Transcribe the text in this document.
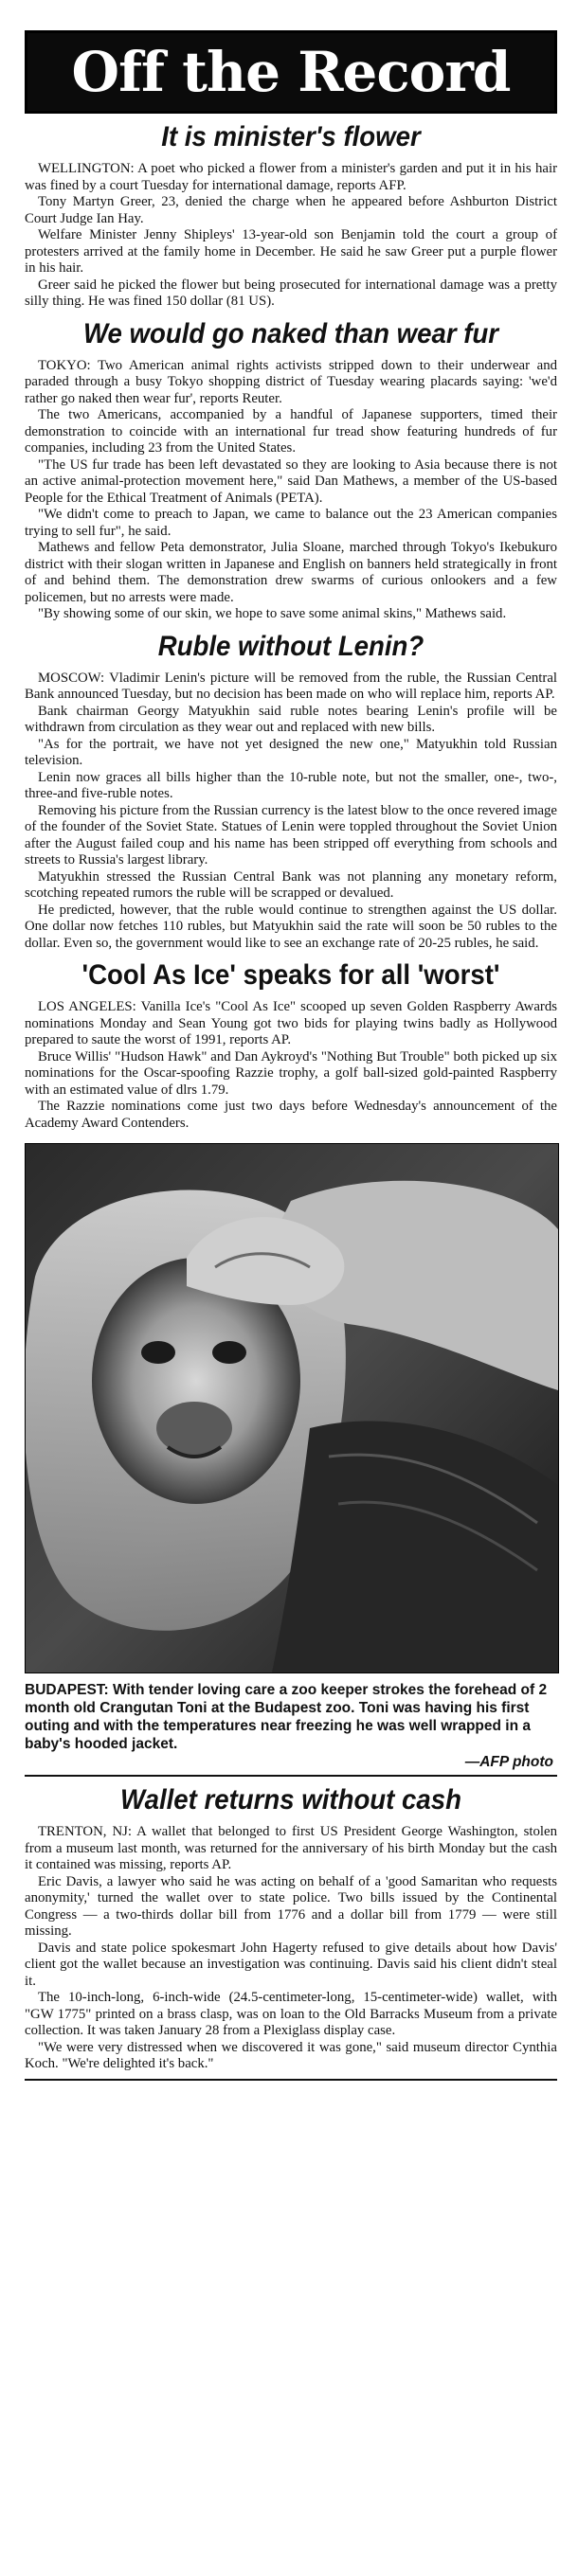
Off the Record
It is minister's flower

WELLINGTON: A poet who picked a flower from a minister's garden and put it in his hair was fined by a court Tuesday for international damage, reports AFP.

Tony Martyn Greer, 23, denied the charge when he appeared before Ashburton District Court Judge Ian Hay.

Welfare Minister Jenny Shipleys' 13-year-old son Benjamin told the court a group of protesters arrived at the family home in December. He said he saw Greer put a purple flower in his hair.

Greer said he picked the flower but being prosecuted for international damage was a pretty silly thing. He was fined 150 dollar (81 US).

We would go naked than wear fur

TOKYO: Two American animal rights activists stripped down to their underwear and paraded through a busy Tokyo shopping district of Tuesday wearing placards saying: 'we'd rather go naked then wear fur', reports Reuter.

The two Americans, accompanied by a handful of Japanese supporters, timed their demonstration to coincide with an international fur tread show featuring hundreds of fur companies, including 23 from the United States.

"The US fur trade has been left devastated so they are looking to Asia because there is not an active animal-protection movement here," said Dan Mathews, a member of the US-based People for the Ethical Treatment of Animals (PETA).

"We didn't come to preach to Japan, we came to balance out the 23 American companies trying to sell fur", he said.

Mathews and fellow Peta demonstrator, Julia Sloane, marched through Tokyo's Ikebukuro district with their slogan written in Japanese and English on banners held strategically in front of and behind them. The demonstration drew swarms of curious onlookers and a few policemen, but no arrests were made.

"By showing some of our skin, we hope to save some animal skins," Mathews said.

Ruble without Lenin?

MOSCOW: Vladimir Lenin's picture will be removed from the ruble, the Russian Central Bank announced Tuesday, but no decision has been made on who will replace him, reports AP.

Bank chairman Georgy Matyukhin said ruble notes bearing Lenin's profile will be withdrawn from circulation as they wear out and replaced with new bills.

"As for the portrait, we have not yet designed the new one," Matyukhin told Russian television.

Lenin now graces all bills higher than the 10-ruble note, but not the smaller, one-, two-, three-and five-ruble notes.

Removing his picture from the Russian currency is the latest blow to the once revered image of the founder of the Soviet State. Statues of Lenin were toppled throughout the Soviet Union after the August failed coup and his name has been stripped off everything from schools and streets to Russia's largest library.

Matyukhin stressed the Russian Central Bank was not planning any monetary reform, scotching repeated rumors the ruble will be scrapped or devalued.

He predicted, however, that the ruble would continue to strengthen against the US dollar. One dollar now fetches 110 rubles, but Matyukhin said the rate will soon be 50 rubles to the dollar. Even so, the government would like to see an exchange rate of 20-25 rubles, he said.

'Cool As Ice' speaks for all 'worst'

LOS ANGELES: Vanilla Ice's "Cool As Ice" scooped up seven Golden Raspberry Awards nominations Monday and Sean Young got two bids for playing twins badly as Hollywood prepared to saute the worst of 1991, reports AP.

Bruce Willis' "Hudson Hawk" and Dan Aykroyd's "Nothing But Trouble" both picked up six nominations for the Oscar-spoofing Razzie trophy, a golf ball-sized gold-painted Raspberry with an estimated value of dlrs 1.79.

The Razzie nominations come just two days before Wednesday's announcement of the Academy Award Contenders.

BUDAPEST: With tender loving care a zoo keeper strokes the forehead of 2 month old Crangutan Toni at the Budapest zoo. Toni was having his first outing and with the temperatures near freezing he was well wrapped in a baby's hooded jacket.
—AFP photo
Wallet returns without cash

TRENTON, NJ: A wallet that belonged to first US President George Washington, stolen from a museum last month, was returned for the anniversary of his birth Monday but the cash it contained was missing, reports AP.

Eric Davis, a lawyer who said he was acting on behalf of a 'good Samaritan who requests anonymity,' turned the wallet over to state police. Two bills issued by the Continental Congress — a two-thirds dollar bill from 1776 and a dollar bill from 1779 — were still missing.

Davis and state police spokesmart John Hagerty refused to give details about how Davis' client got the wallet because an investigation was continuing. Davis said his client didn't steal it.

The 10-inch-long, 6-inch-wide (24.5-centimeter-long, 15-centimeter-wide) wallet, with "GW 1775" printed on a brass clasp, was on loan to the Old Barracks Museum from a private collection. It was taken January 28 from a Plexiglass display case.

"We were very distressed when we discovered it was gone," said museum director Cynthia Koch. "We're delighted it's back."
